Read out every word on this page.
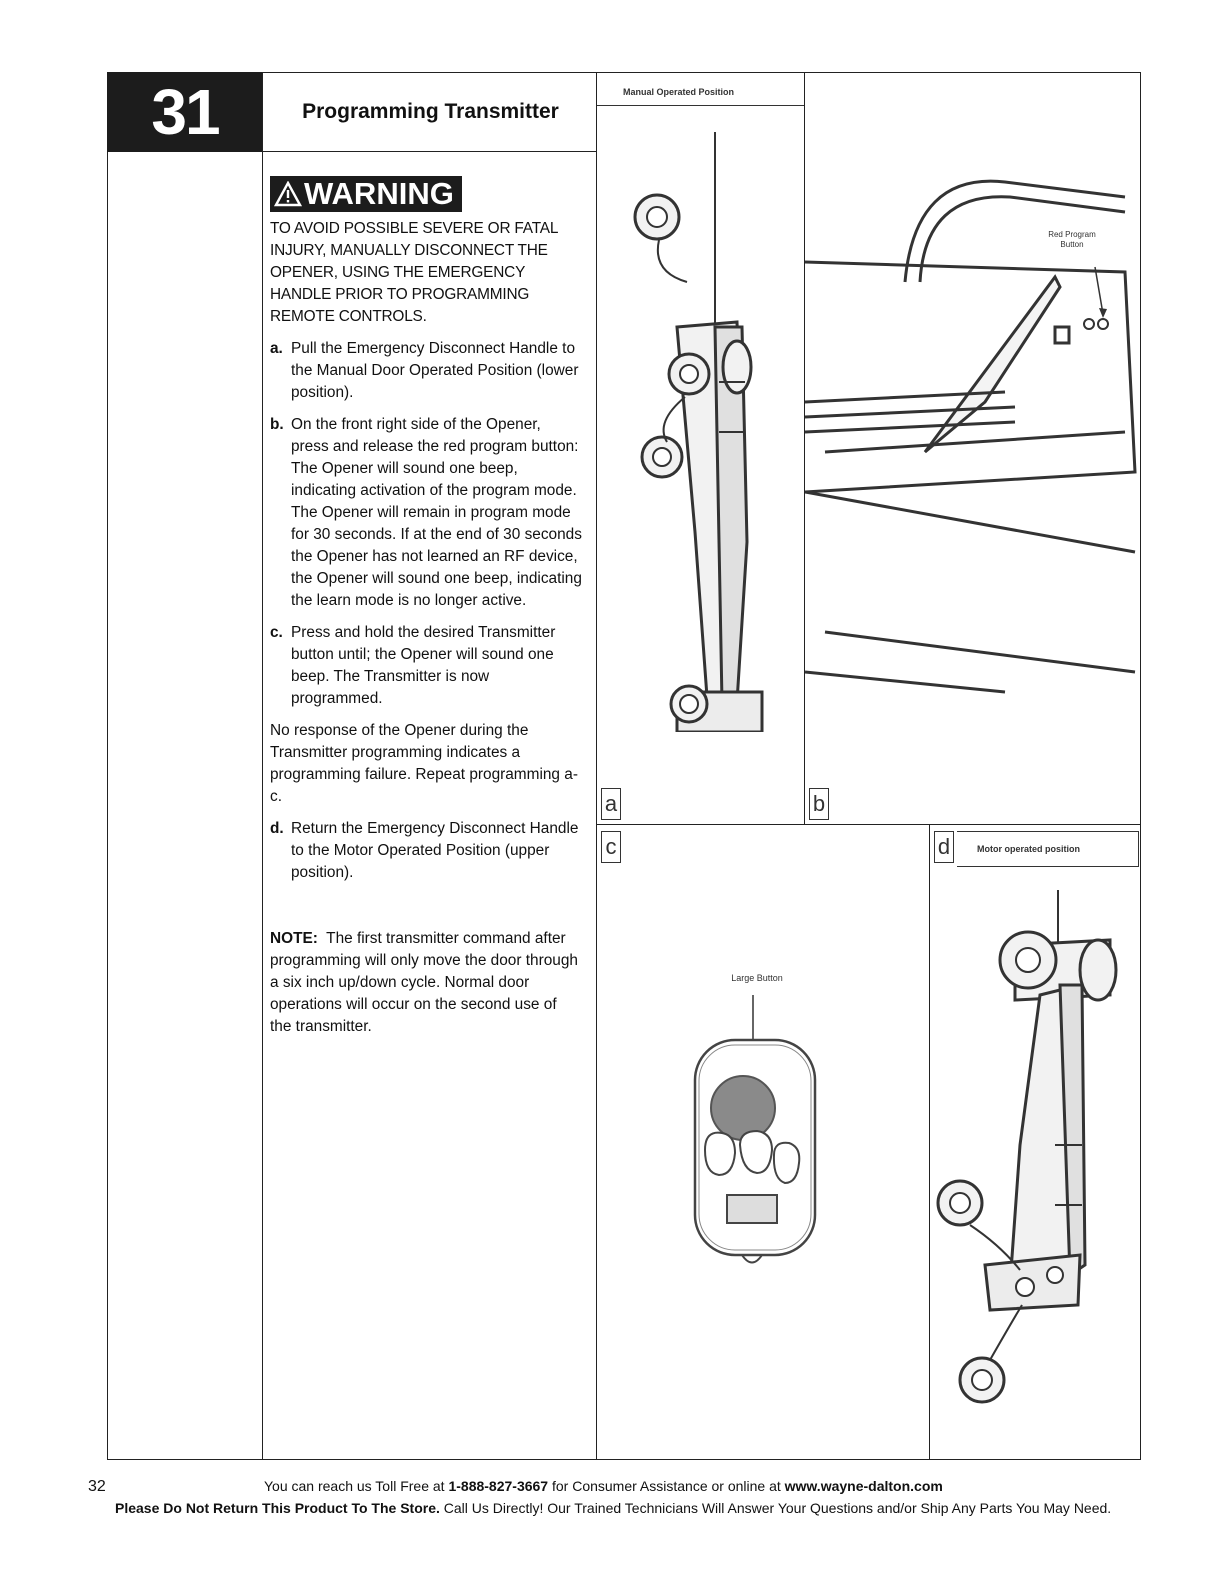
31	Programming Transmitter
WARNING
TO AVOID POSSIBLE SEVERE OR FATAL INJURY, MANUALLY DISCONNECT THE OPENER, USING THE EMERGENCY HANDLE PRIOR TO PROGRAMMING REMOTE CONTROLS.
a. Pull the Emergency Disconnect Handle to the Manual Door Operated Position (lower position).
b. On the front right side of the Opener, press and release the red program button: The Opener will sound one beep, indicating activation of the program mode. The Opener will remain in program mode for 30 seconds. If at the end of 30 seconds the Opener has not learned an RF device, the Opener will sound one beep, indicating the learn mode is no longer active.
c. Press and hold the desired Transmitter button until; the Opener will sound one beep. The Transmitter is now programmed.
No response of the Opener during the Transmitter programming indicates a programming failure. Repeat programming a-c.
d. Return the Emergency Disconnect Handle to the Motor Operated Position (upper position).
NOTE: The first transmitter command after programming will only move the door through a six inch up/down cycle. Normal door operations will occur on the second use of the transmitter.
Manual Operated Position
a
Red Program
Button
b
c
Large Button
d	Motor operated position
32	You can reach us Toll Free at 1-888-827-3667 for Consumer Assistance or online at www.wayne-dalton.com
Please Do Not Return This Product To The Store. Call Us Directly! Our Trained Technicians Will Answer Your Questions and/or Ship Any Parts You May Need.
